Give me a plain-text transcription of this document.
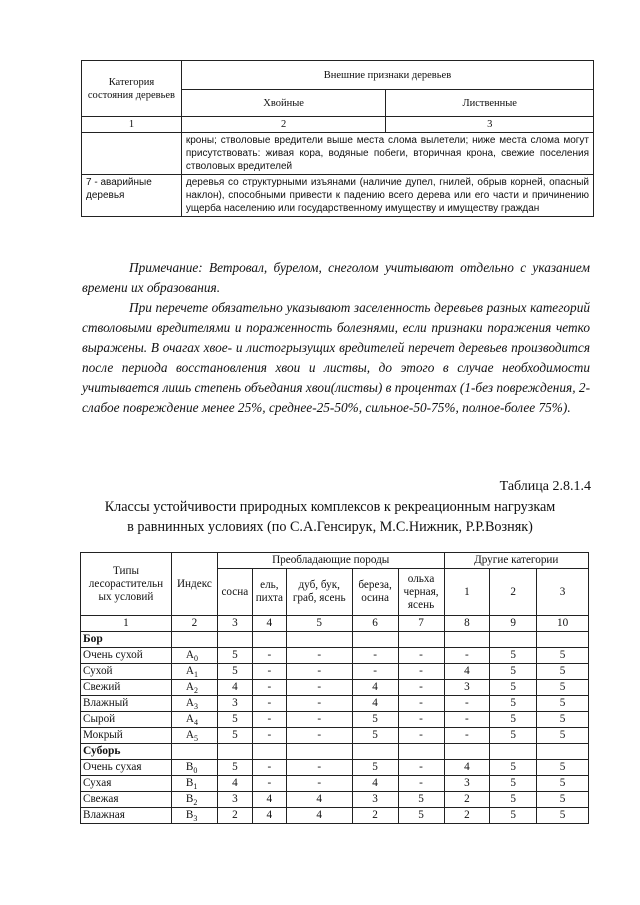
Категория состояния деревьев	Внешние признаки деревьев	
	Хвойные	Лиственные
1	2	3
	кроны; стволовые вредители выше места слома вылетели; ниже места слома могут присутствовать: живая кора, водяные побеги, вторичная крона, свежие поселения стволовых вредителей	
7 - аварийные деревья	деревья со структурными изъянами (наличие дупел, гнилей, обрыв корней, опасный наклон), способными привести к падению всего дерева или его части и причинению ущерба населению или государственному имуществу и имуществу граждан	
Примечание: Ветровал, бурелом, снеголом учитывают отдельно с указанием времени их образования.
При перечете обязательно указывают заселенность деревьев разных категорий стволовыми вредителями и пораженность болезнями, если признаки поражения четко выражены. В очагах хвое- и листогрызущих вредителей перечет деревьев производится после периода восстановления хвои и листвы, до этого в случае необходимости учитывается лишь степень объедания хвои(листвы) в процентах (1-без повреждения, 2-слабое повреждение менее 25%, среднее-25-50%, сильное-50-75%, полное-более 75%).
Таблица 2.8.1.4
Классы устойчивости природных комплексов к рекреационным нагрузкам
в равнинных условиях (по С.А.Генсирук, М.С.Нижник, Р.Р.Возняк)
Типы лесорастительн ых условий	Индекс	Преобладающие породы					Другие категории		
		сосна	ель, пихта	дуб, бук, граб, ясень	береза, осина	ольха черная, ясень	1	2	3
1	2	3	4	5	6	7	8	9	10
Бор									
Очень сухой	$A_0$	5	-	-	-	-	-	5	5
Сухой	$A_1$	5	-	-	-	-	4	5	5
Свежий	$A_2$	4	-	-	4	-	3	5	5
Влажный	$A_3$	3	-	-	4	-	-	5	5
Сырой	$A_4$	5	-	-	5	-	-	5	5
Мокрый	$A_5$	5	-	-	5	-	-	5	5
Суборь									
Очень сухая	$B_0$	5	-	-	5	-	4	5	5
Сухая	$B_1$	4	-	-	4	-	3	5	5
Свежая	$B_2$	3	4	4	3	5	2	5	5
Влажная	$B_3$	2	4	4	2	5	2	5	5
